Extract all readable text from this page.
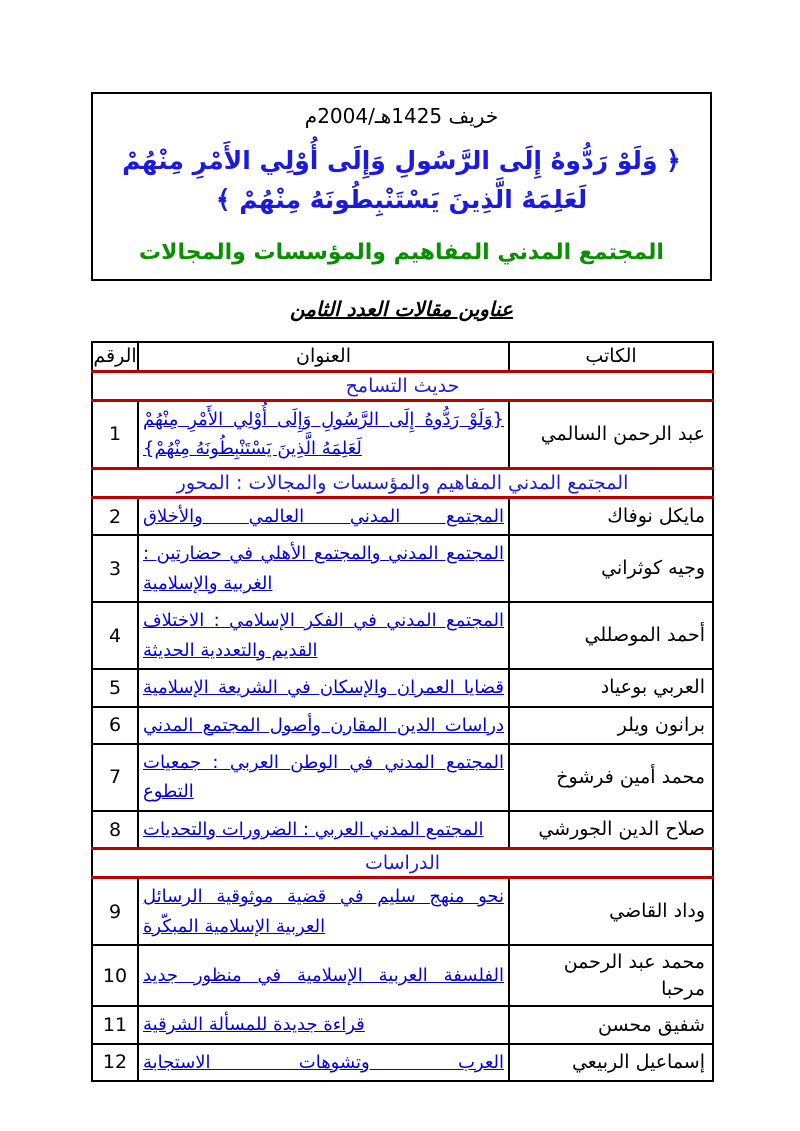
خريف 1425هـ/2004م
﴿ وَلَوْ رَدُّوهُ إِلَى الرَّسُولِ وَإِلَى أُوْلِي الأَمْرِ مِنْهُمْ لَعَلِمَهُ الَّذِينَ يَسْتَنْبِطُونَهُ مِنْهُمْ ﴾
المجتمع المدني المفاهيم والمؤسسات والمجالات
عناوين مقالات العدد الثامن
الرقم	العنوان	الكاتب
حديث التسامح		
1	{وَلَوْ رَدُّوهُ إِلَى الرَّسُولِ وَإِلَى أُوْلِي الأَمْرِ مِنْهُمْ لَعَلِمَهُ الَّذِينَ يَسْتَنْبِطُونَهُ مِنْهُمْ}	عبد الرحمن السالمي
المجتمع المدني المفاهيم والمؤسسات والمجالات : المحور		
2	المجتمع المدني العالمي والأخلاق	مايكل نوفاك
3	المجتمع المدني والمجتمع الأهلي في حضارتين : الغربية والإسلامية	وجيه كوثراني
4	المجتمع المدني في الفكر الإسلامي : الاختلاف القديم والتعددية الحديثة	أحمد الموصللي
5	قضايا العمران والإسكان في الشريعة الإسلامية	العربي بوعياد
6	دراسات الدين المقارن وأصول المجتمع المدني	برانون ويلر
7	المجتمع المدني في الوطن العربي : جمعيات التطوع	محمد أمين فرشوخ
8	المجتمع المدني العربي : الضرورات والتحديات	صلاح الدين الجورشي
الدراسات		
9	نحو منهج سليم في قضية موثوقية الرسائل العربية الإسلامية المبكّرة	وداد القاضي
10	الفلسفة العربية الإسلامية في منظور جديد	محمد عبد الرحمن مرحبا
11	قراءة جديدة للمسألة الشرقية	شفيق محسن
12	العرب وتشوهات الاستجابة	إسماعيل الربيعي
